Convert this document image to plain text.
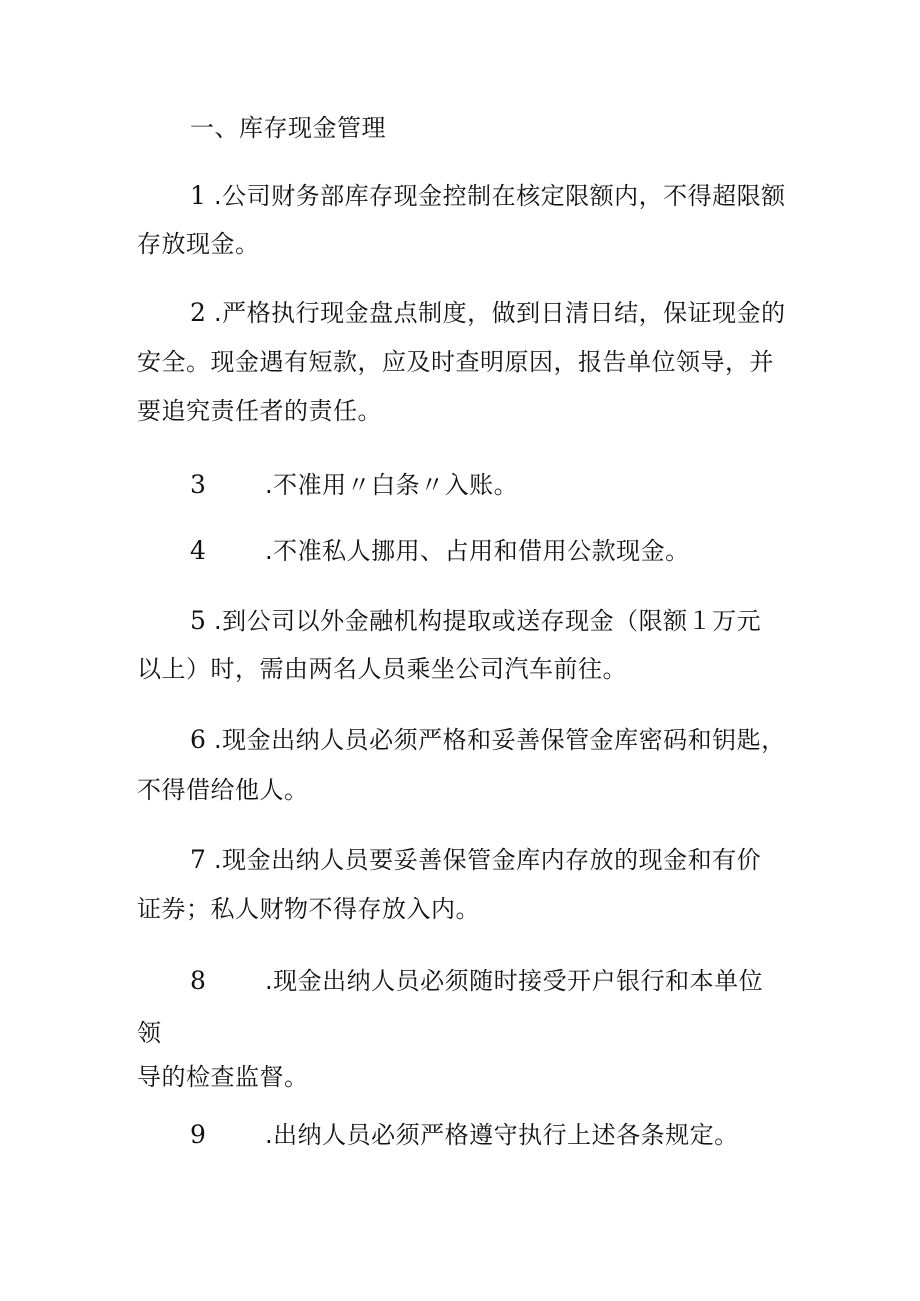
一、库存现金管理
1 .公司财务部库存现金控制在核定限额内，不得超限额
存放现金。
2 .严格执行现金盘点制度，做到日清日结，保证现金的
安全。现金遇有短款，应及时查明原因，报告单位领导，并
要追究责任者的责任。
3 .不准用〃白条〃入账。
4 .不准私人挪用、占用和借用公款现金。
5 .到公司以外金融机构提取或送存现金（限额１万元
以上）时，需由两名人员乘坐公司汽车前往。
6 .现金出纳人员必须严格和妥善保管金库密码和钥匙，
不得借给他人。
7 .现金出纳人员要妥善保管金库内存放的现金和有价
证券；私人财物不得存放入内。
8 .现金出纳人员必须随时接受开户银行和本单位
领
导的检查监督。
9 .出纳人员必须严格遵守执行上述各条规定。
